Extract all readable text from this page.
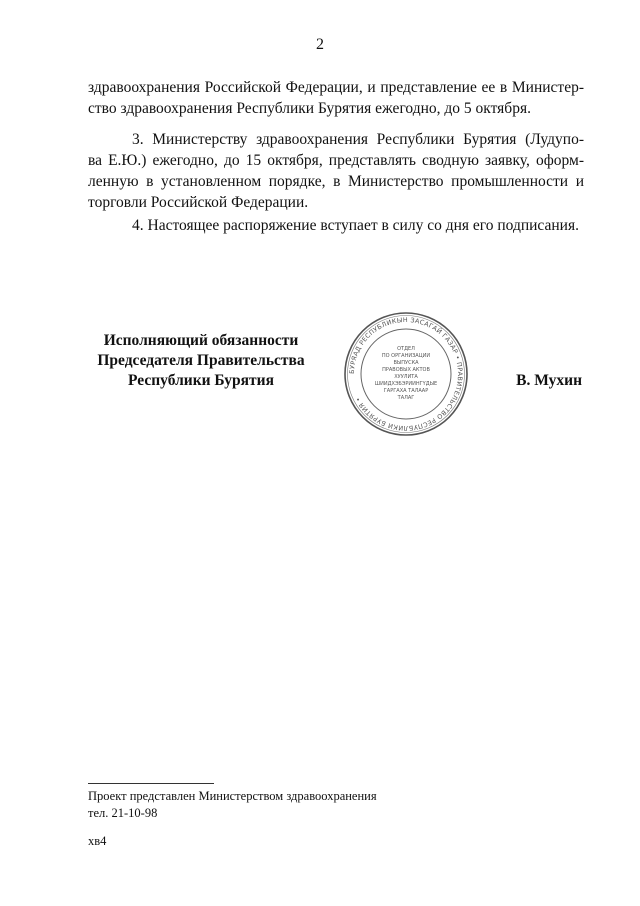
2

здравоохранения Российской Федерации, и представление ее в Министер-
ство здравоохранения Республики Бурятия ежегодно, до 5 октября.

3. Министерству здравоохранения Республики Бурятия (Лудупо-
ва Е.Ю.) ежегодно, до 15 октября, представлять сводную заявку, оформ-
ленную в установленном порядке, в Министерство промышленности и
торговли Российской Федерации.

4. Настоящее распоряжение вступает в силу со дня его подписания.

Исполняющий обязанности
Председателя Правительства
Республики Бурятия
БУРЯАД РЕСПУБЛИКЫН ЗАСАГАЙ ГАЗАР • ПРАВИТЕЛЬСТВО РЕСПУБЛИКИ БУРЯТИЯ •
ОТДЕЛ
ПО ОРГАНИЗАЦИИ
ВЫПУСКА
ПРАВОВЫХ АКТОВ
ХУУЛИТА
ШИИДХЭБЭРИИНГҮДЫЕ
ГАРГАХА ТАЛААР
ТАЛАГ
В. Мухин
Проект представлен Министерством здравоохранения
тел. 21-10-98
хв4
